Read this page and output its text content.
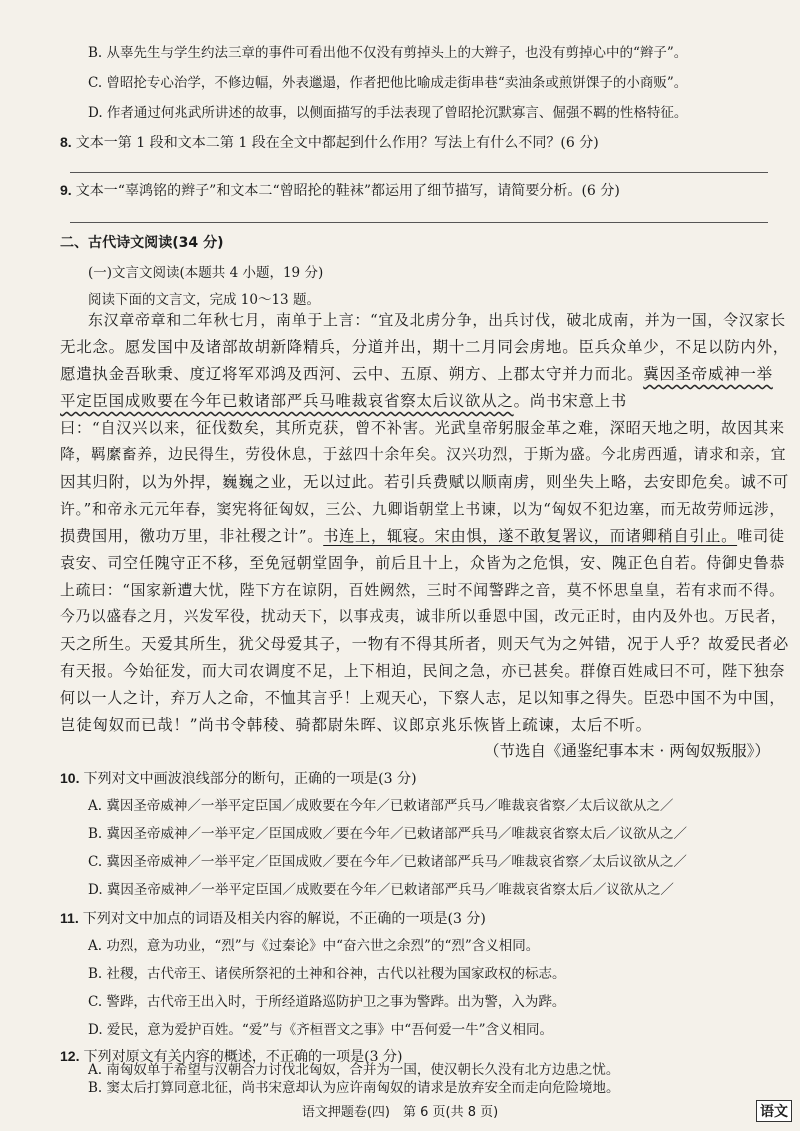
B. 从辜先生与学生约法三章的事件可看出他不仅没有剪掉头上的大辫子，也没有剪掉心中的“辫子”。
C. 曾昭抡专心治学，不修边幅，外表邋遢，作者把他比喻成走街串巷“卖油条或煎饼馃子的小商贩”。
D. 作者通过何兆武所讲述的故事，以侧面描写的手法表现了曾昭抡沉默寡言、倔强不羁的性格特征。
8. 文本一第 1 段和文本二第 1 段在全文中都起到什么作用？写法上有什么不同？(6 分)
9. 文本一“辜鸿铭的辫子”和文本二“曾昭抡的鞋袜”都运用了细节描写，请简要分析。(6 分)
二、古代诗文阅读(34 分)
(一)文言文阅读(本题共 4 小题，19 分)
阅读下面的文言文，完成 10～13 题。
东汉章帝章和二年秋七月，南单于上言：“宜及北虏分争，出兵讨伐，破北成南，并为一国，令汉家长
无北念。愿发国中及诸部故胡新降精兵，分道并出，期十二月同会虏地。臣兵众单少，不足以防内外，
愿遣执金吾耿秉、度辽将军邓鸿及西河、云中、五原、朔方、上郡太守并力而北。冀因圣帝威神一举
平定臣国成败要在今年已敕诸部严兵马唯裁哀省察太后议欲从之。尚书宋意上书
曰：“自汉兴以来，征伐数矣，其所克获，曾不补害。光武皇帝躬服金革之难，深昭天地之明，故因其来
降，羁縻畜养，边民得生，劳役休息，于兹四十余年矣。汉兴功烈，于斯为盛。今北虏西遁，请求和亲，宜
因其归附，以为外捍，巍巍之业，无以过此。若引兵费赋以顺南虏，则坐失上略，去安即危矣。诚不可
许。”和帝永元元年春，窦宪将征匈奴，三公、九卿诣朝堂上书谏，以为“匈奴不犯边塞，而无故劳师远涉，
损费国用，徼功万里，非社稷之计”。书连上，辄寝。宋由惧，遂不敢复署议，而诸卿稍自引止。唯司徒
袁安、司空任隗守正不移，至免冠朝堂固争，前后且十上，众皆为之危惧，安、隗正色自若。侍御史鲁恭
上疏曰：“国家新遭大忧，陛下方在谅阴，百姓阙然，三时不闻警跸之音，莫不怀思皇皇，若有求而不得。
今乃以盛春之月，兴发军役，扰动天下，以事戎夷，诚非所以垂恩中国，改元正时，由内及外也。万民者，
天之所生。天爱其所生，犹父母爱其子，一物有不得其所者，则天气为之舛错，况于人乎？故爱民者必
有天报。今始征发，而大司农调度不足，上下相迫，民间之急，亦已甚矣。群僚百姓咸曰不可，陛下独奈
何以一人之计，弃万人之命，不恤其言乎！上观天心，下察人志，足以知事之得失。臣恐中国不为中国，
岂徒匈奴而已哉！”尚书令韩稜、骑都尉朱晖、议郎京兆乐恢皆上疏谏，太后不听。
（节选自《通鉴纪事本末 · 两匈奴叛服》）
10. 下列对文中画波浪线部分的断句，正确的一项是(3 分)
A. 冀因圣帝威神／一举平定臣国／成败要在今年／已敕诸部严兵马／唯裁哀省察／太后议欲从之／
B. 冀因圣帝威神／一举平定／臣国成败／要在今年／已敕诸部严兵马／唯裁哀省察太后／议欲从之／
C. 冀因圣帝威神／一举平定／臣国成败／要在今年／已敕诸部严兵马／唯裁哀省察／太后议欲从之／
D. 冀因圣帝威神／一举平定臣国／成败要在今年／已敕诸部严兵马／唯裁哀省察太后／议欲从之／
11. 下列对文中加点的词语及相关内容的解说，不正确的一项是(3 分)
A. 功烈，意为功业，“烈”与《过秦论》中“奋六世之余烈”的“烈”含义相同。
B. 社稷，古代帝王、诸侯所祭祀的土神和谷神，古代以社稷为国家政权的标志。
C. 警跸，古代帝王出入时，于所经道路巡防护卫之事为警跸。出为警，入为跸。
D. 爱民，意为爱护百姓。“爱”与《齐桓晋文之事》中“吾何爱一牛”含义相同。
12. 下列对原文有关内容的概述，不正确的一项是(3 分)
A. 南匈奴单于希望与汉朝合力讨伐北匈奴，合并为一国，使汉朝长久没有北方边患之忧。
B. 窦太后打算同意北征，尚书宋意却认为应许南匈奴的请求是放弃安全而走向危险境地。
语文押题卷(四)　第 6 页(共 8 页)	语文
